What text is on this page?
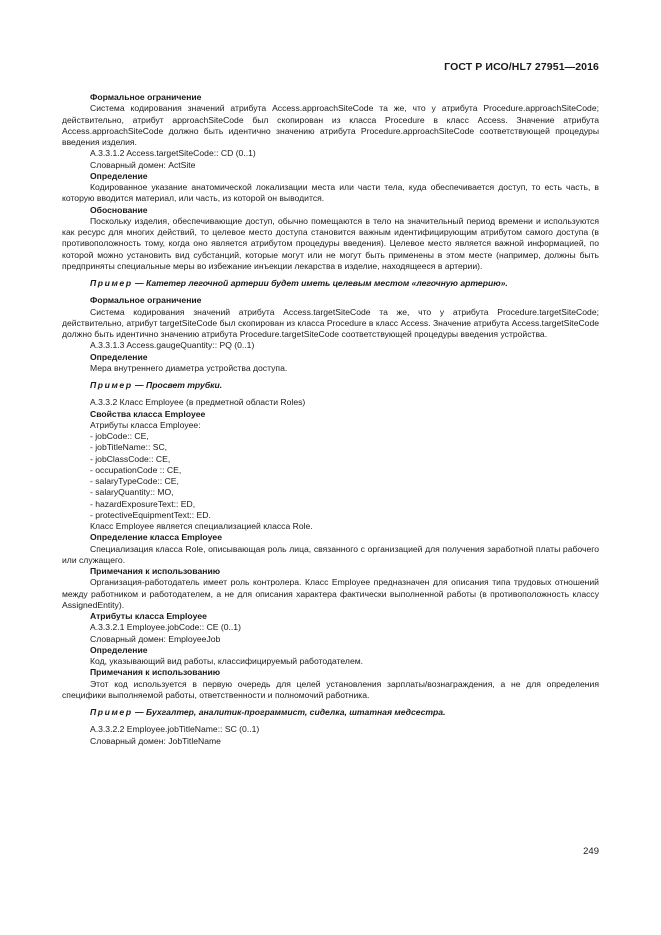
ГОСТ Р ИСО/HL7 27951—2016

Формальное ограничение

Система кодирования значений атрибута Access.approachSiteCode та же, что у атрибута Procedure.approachSiteCode; действительно, атрибут approachSiteCode был скопирован из класса Procedure в класс Access. Значение атрибута Access.approachSiteCode должно быть идентично значению атрибута Procedure.approachSiteCode соответствующей процедуры введения изделия.

A.3.3.1.2 Access.targetSiteCode:: CD (0..1)

Словарный домен: ActSite

Определение

Кодированное указание анатомической локализации места или части тела, куда обеспечивается доступ, то есть часть, в которую вводится материал, или часть, из которой он выводится.

Обоснование

Поскольку изделия, обеспечивающие доступ, обычно помещаются в тело на значительный период времени и используются как ресурс для многих действий, то целевое место доступа становится важным идентифицирующим атрибутом самого доступа (в противоположность тому, когда оно является атрибутом процедуры введения). Целевое место является важной информацией, по которой можно установить вид субстанций, которые могут или не могут быть применены в этом месте (например, должны быть предприняты специальные меры во избежание инъекции лекарства в изделие, находящееся в артерии).

Пример — Катетер легочной артерии будет иметь целевым местом «легочную артерию».

Формальное ограничение

Система кодирования значений атрибута Access.targetSiteCode та же, что у атрибута Procedure.targetSiteCode; действительно, атрибут targetSiteCode был скопирован из класса Procedure в класс Access. Значение атрибута Access.targetSiteCode должно быть идентично значению атрибута Procedure.targetSiteCode соответствующей процедуры введения устройства.

A.3.3.1.3 Access.gaugeQuantity:: PQ (0..1)

Определение

Мера внутреннего диаметра устройства доступа.

Пример — Просвет трубки.

A.3.3.2 Класс Employee (в предметной области Roles)

Свойства класса Employee

Атрибуты класса Employee:

- jobCode:: CE,

- jobTitleName:: SC,

- jobClassCode:: CE,

- occupationCode :: CE,

- salaryTypeCode:: CE,

- salaryQuantity:: MO,

- hazardExposureText:: ED,

- protectiveEquipmentText:: ED.

Класс Employee является специализацией класса Role.

Определение класса Employee

Специализация класса Role, описывающая роль лица, связанного с организацией для получения заработной платы рабочего или служащего.

Примечания к использованию

Организация-работодатель имеет роль контролера. Класс Employee предназначен для описания типа трудовых отношений между работником и работодателем, а не для описания характера фактически выполненной работы (в противоположность классу AssignedEntity).

Атрибуты класса Employee

A.3.3.2.1 Employee.jobCode:: CE (0..1)

Словарный домен: EmployeeJob

Определение

Код, указывающий вид работы, классифицируемый работодателем.

Примечания к использованию

Этот код используется в первую очередь для целей установления зарплаты/вознаграждения, а не для определения специфики выполняемой работы, ответственности и полномочий работника.

Пример — Бухгалтер, аналитик-программист, сиделка, штатная медсестра.

A.3.3.2.2 Employee.jobTitleName:: SC (0..1)

Словарный домен: JobTitleName

249
